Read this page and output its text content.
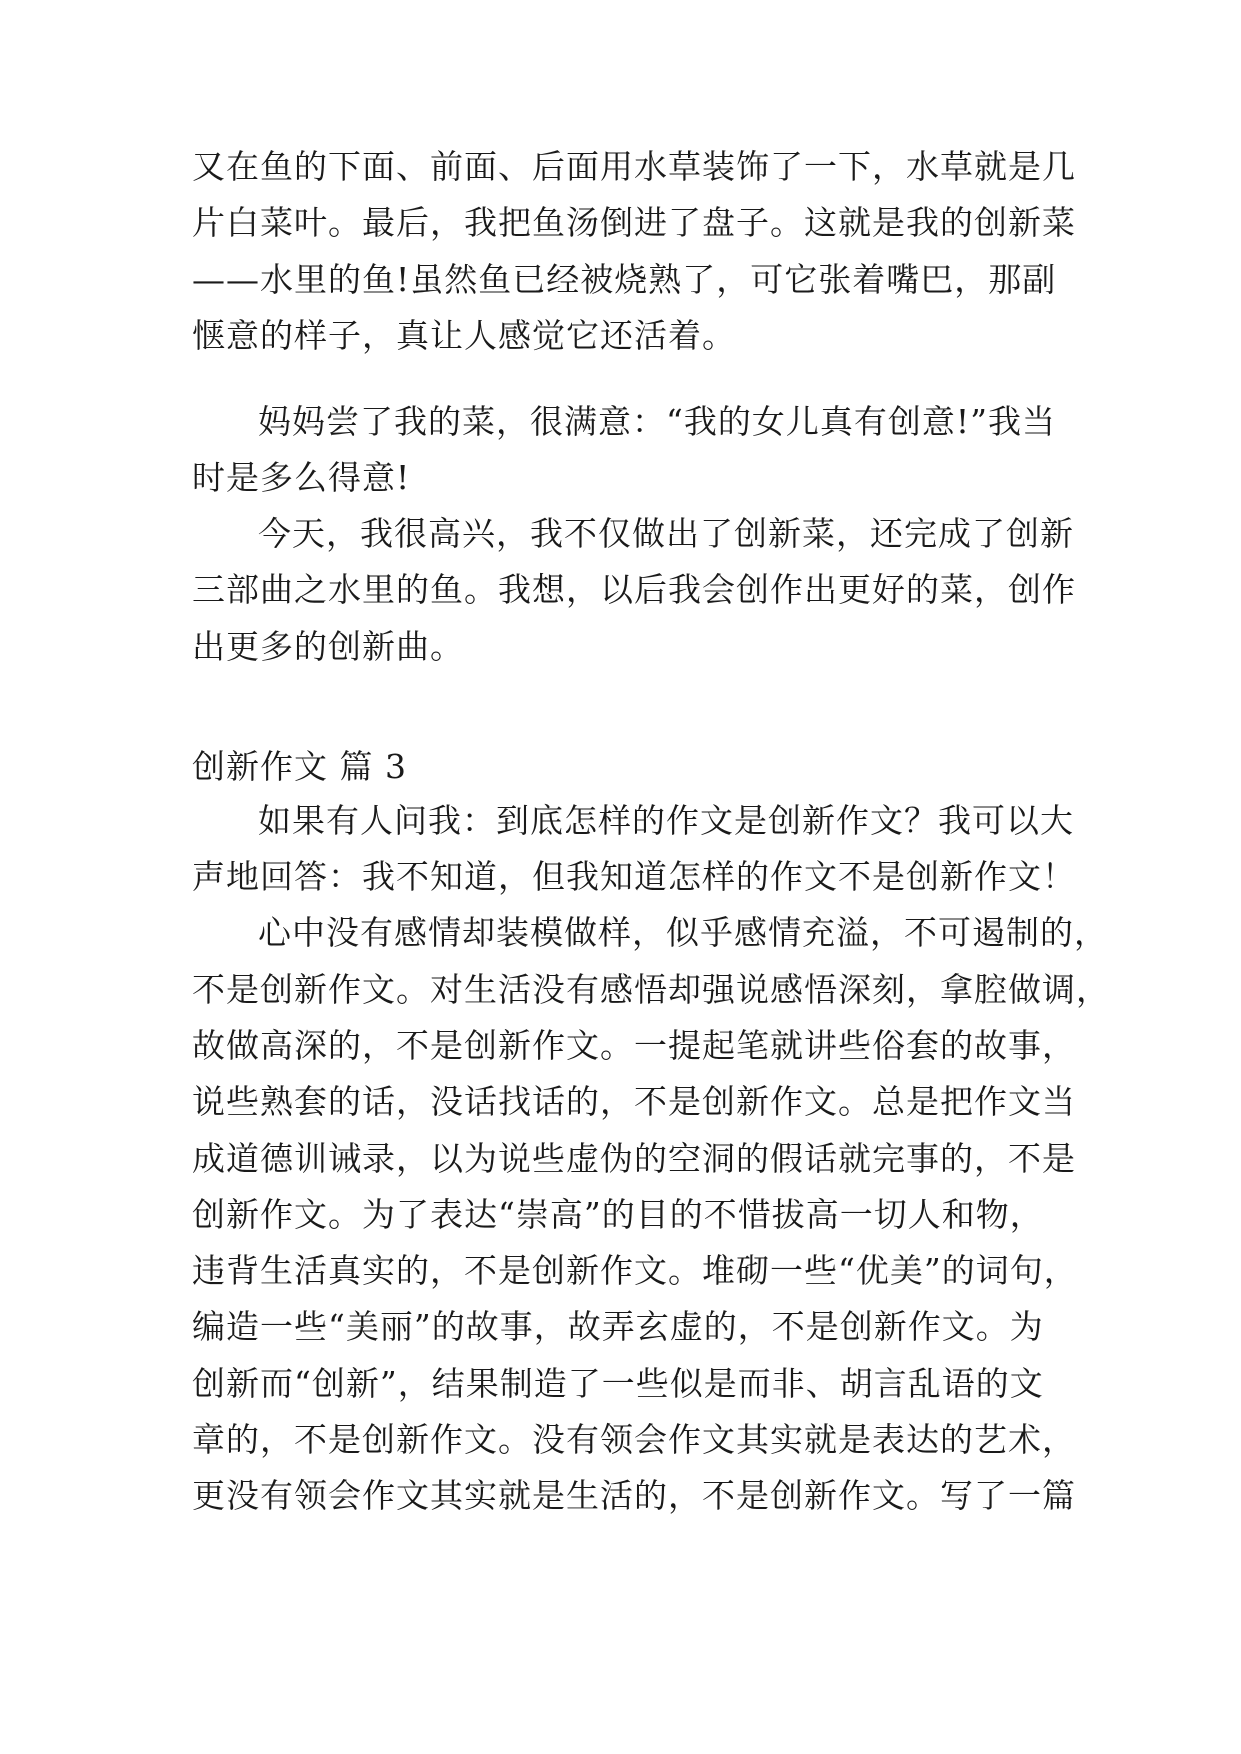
又在鱼的下面、前面、后面用水草装饰了一下，水草就是几
片白菜叶。最后，我把鱼汤倒进了盘子。这就是我的创新菜
——水里的鱼!虽然鱼已经被烧熟了，可它张着嘴巴，那副
惬意的样子，真让人感觉它还活着。
妈妈尝了我的菜，很满意：“我的女儿真有创意!”我当
时是多么得意!
今天，我很高兴，我不仅做出了创新菜，还完成了创新
三部曲之水里的鱼。我想，以后我会创作出更好的菜，创作
出更多的创新曲。
创新作文 篇 3
如果有人问我：到底怎样的作文是创新作文？我可以大
声地回答：我不知道，但我知道怎样的作文不是创新作文！
心中没有感情却装模做样，似乎感情充溢，不可遏制的，
不是创新作文。对生活没有感悟却强说感悟深刻，拿腔做调，
故做高深的，不是创新作文。一提起笔就讲些俗套的故事，
说些熟套的话，没话找话的，不是创新作文。总是把作文当
成道德训诫录，以为说些虚伪的空洞的假话就完事的，不是
创新作文。为了表达“崇高”的目的不惜拔高一切人和物，
违背生活真实的，不是创新作文。堆砌一些“优美”的词句，
编造一些“美丽”的故事，故弄玄虚的，不是创新作文。为
创新而“创新”，结果制造了一些似是而非、胡言乱语的文
章的，不是创新作文。没有领会作文其实就是表达的艺术，
更没有领会作文其实就是生活的，不是创新作文。写了一篇
